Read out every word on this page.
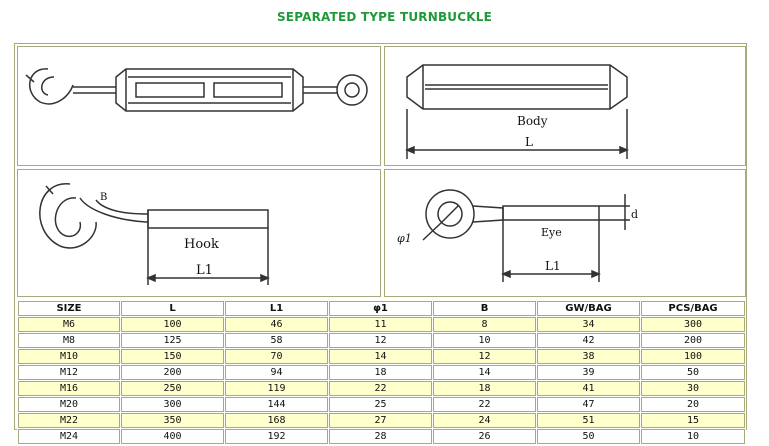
SEPARATED TYPE TURNBUCKLE
Body
L
B
Hook
L1
φ1	Eye
L1
d
SIZE	L	L1	φ1	B	GW/BAG	PCS/BAG
M6	100	46	11	8	34	300
M8	125	58	12	10	42	200
M10	150	70	14	12	38	100
M12	200	94	18	14	39	50
M16	250	119	22	18	41	30
M20	300	144	25	22	47	20
M22	350	168	27	24	51	15
M24	400	192	28	26	50	10
